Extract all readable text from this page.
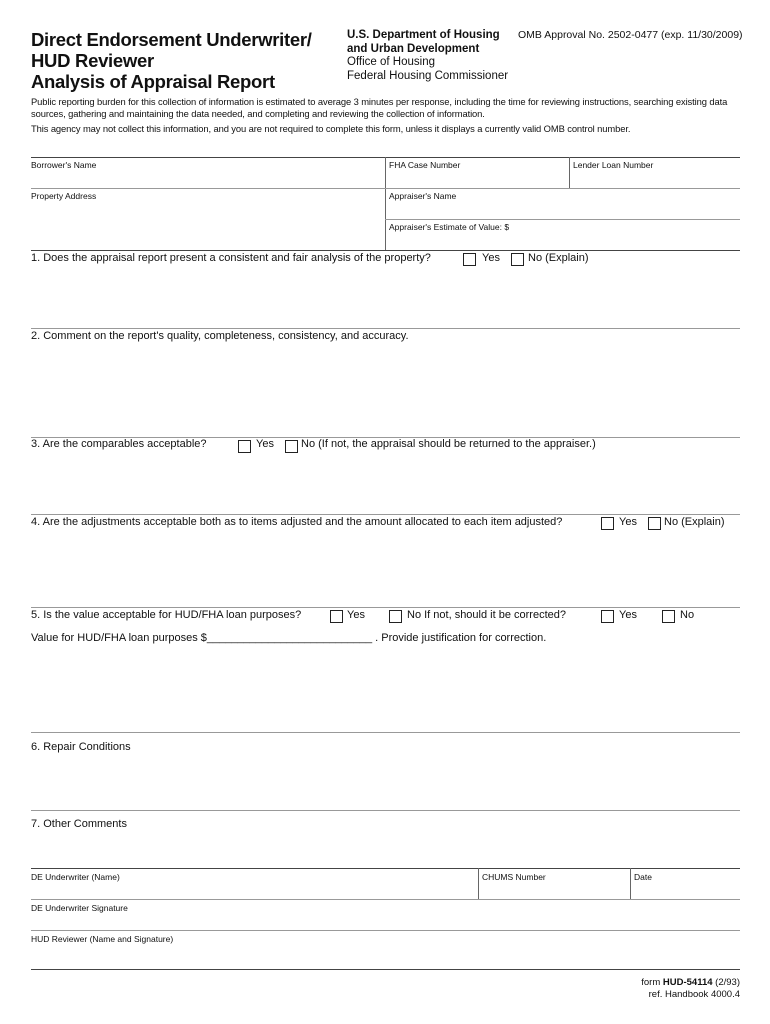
Direct Endorsement Underwriter/
HUD Reviewer
Analysis of Appraisal Report
U.S. Department of Housing
and Urban Development
Office of Housing
Federal Housing Commissioner
OMB Approval No. 2502-0477 (exp. 11/30/2009)

Public reporting burden for this collection of information is estimated to average 3 minutes per response, including the time for reviewing instructions, searching existing data sources, gathering and maintaining the data needed, and completing and reviewing the collection of information.

This agency may not collect this information, and you are not required to complete this form, unless it displays a currently valid OMB control number.

Borrower's Name	FHA Case Number	Lender Loan Number
Property Address	Appraiser's Name
Appraiser's Estimate of Value: $
1. Does the appraisal report present a consistent and fair analysis of the property?	Yes	No (Explain)
2. Comment on the report's quality, completeness, consistency, and accuracy.
3. Are the comparables acceptable?	Yes No (If not, the appraisal should be returned to the appraiser.)
4. Are the adjustments acceptable both as to items adjusted and the amount allocated to each item adjusted?	Yes No (Explain)
5. Is the value acceptable for HUD/FHA loan purposes?	Yes	No If not, should it be corrected?	Yes	No
Value for HUD/FHA loan purposes $___________________________ . Provide justification for correction.
6. Repair Conditions
7. Other Comments
DE Underwriter (Name)	CHUMS Number	Date
DE Underwriter Signature
HUD Reviewer (Name and Signature)
form HUD-54114 (2/93)
ref. Handbook 4000.4
